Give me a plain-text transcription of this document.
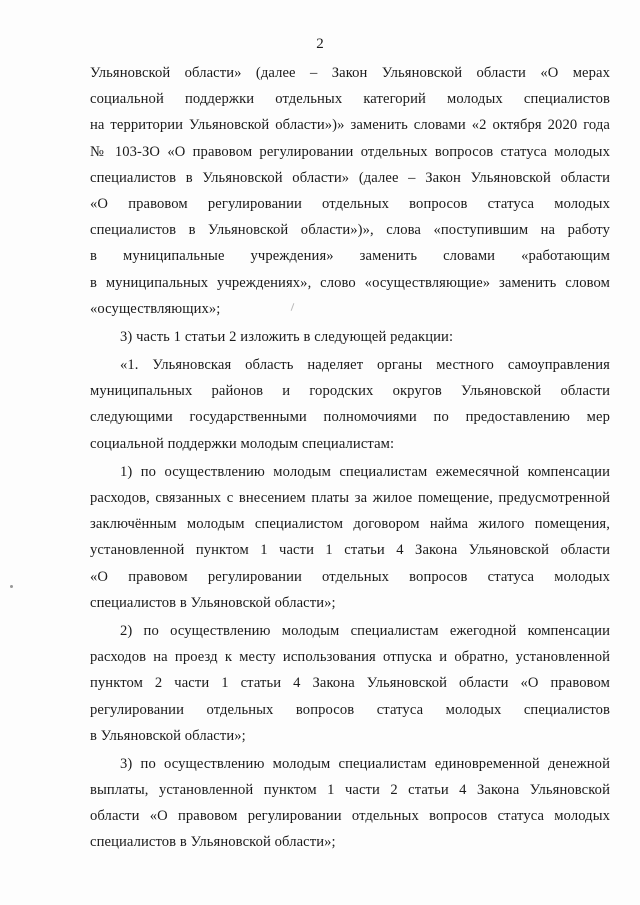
2
Ульяновской области» (далее – Закон Ульяновской области «О мерах
социальной поддержки отдельных категорий молодых специалистов
на территории Ульяновской области»)» заменить словами «2 октября 2020 года
№ 103-ЗО «О правовом регулировании отдельных вопросов статуса молодых
специалистов в Ульяновской области» (далее – Закон Ульяновской области
«О правовом регулировании отдельных вопросов статуса молодых
специалистов в Ульяновской области»)», слова «поступившим на работу
в муниципальные учреждения» заменить словами «работающим
в муниципальных учреждениях», слово «осуществляющие» заменить словом
«осуществляющих»;
3) часть 1 статьи 2 изложить в следующей редакции:
«1. Ульяновская область наделяет органы местного самоуправления
муниципальных районов и городских округов Ульяновской области
следующими государственными полномочиями по предоставлению мер
социальной поддержки молодым специалистам:
1) по осуществлению молодым специалистам ежемесячной компенсации
расходов, связанных с внесением платы за жилое помещение, предусмотренной
заключённым молодым специалистом договором найма жилого помещения,
установленной пунктом 1 части 1 статьи 4 Закона Ульяновской области
«О правовом регулировании отдельных вопросов статуса молодых
специалистов в Ульяновской области»;
2) по осуществлению молодым специалистам ежегодной компенсации
расходов на проезд к месту использования отпуска и обратно, установленной
пунктом 2 части 1 статьи 4 Закона Ульяновской области «О правовом
регулировании отдельных вопросов статуса молодых специалистов
в Ульяновской области»;
3) по осуществлению молодым специалистам единовременной денежной
выплаты, установленной пунктом 1 части 2 статьи 4 Закона Ульяновской
области «О правовом регулировании отдельных вопросов статуса молодых
специалистов в Ульяновской области»;
